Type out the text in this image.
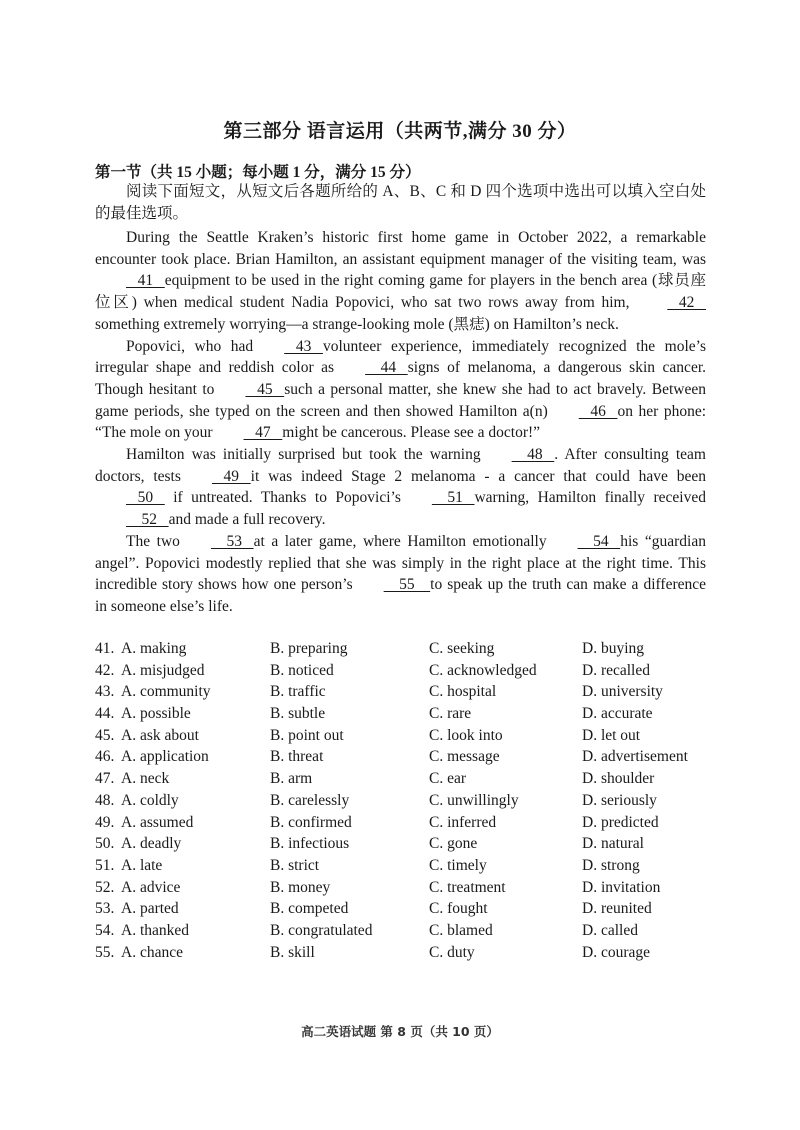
第三部分 语言运用（共两节,满分 30 分）
第一节（共 15 小题；每小题 1 分，满分 15 分）

阅读下面短文，从短文后各题所给的 A、B、C 和 D 四个选项中选出可以填入空白处的最佳选项。

During the Seattle Kraken’s historic first home game in October 2022, a remarkable encounter took place. Brian Hamilton, an assistant equipment manager of the visiting team, was   41   equipment to be used in the right coming game for players in the bench area (球员座位区) when medical student Nadia Popovici, who sat two rows away from him,    42   something extremely worrying—a strange-looking mole (黑痣) on Hamilton’s neck.

Popovici, who had   43   volunteer experience, immediately recognized the mole’s irregular shape and reddish color as    44   signs of melanoma, a dangerous skin cancer. Though hesitant to   45   such a personal matter, she knew she had to act bravely. Between game periods, she typed on the screen and then showed Hamilton a(n)   46   on her phone: “The mole on your   47   might be cancerous. Please see a doctor!”

Hamilton was initially surprised but took the warning    48   . After consulting team doctors, tests   49   it was indeed Stage 2 melanoma - a cancer that could have been   50    if untreated. Thanks to Popovici’s    51   warning, Hamilton finally received    52   and made a full recovery.

The two    53   at a later game, where Hamilton emotionally    54   his “guardian angel”. Popovici modestly replied that she was simply in the right place at the right time. This incredible story shows how one person’s    55    to speak up the truth can make a difference in someone else’s life.

41. A. making	B. preparing	C. seeking	D. buying
42. A. misjudged	B. noticed	C. acknowledged	D. recalled
43. A. community	B. traffic	C. hospital	D. university
44. A. possible	B. subtle	C. rare	D. accurate
45. A. ask about	B. point out	C. look into	D. let out
46. A. application	B. threat	C. message	D. advertisement
47. A. neck	B. arm	C. ear	D. shoulder
48. A. coldly	B. carelessly	C. unwillingly	D. seriously
49. A. assumed	B. confirmed	C. inferred	D. predicted
50. A. deadly	B. infectious	C. gone	D. natural
51. A. late	B. strict	C. timely	D. strong
52. A. advice	B. money	C. treatment	D. invitation
53. A. parted	B. competed	C. fought	D. reunited
54. A. thanked	B. congratulated	C. blamed	D. called
55. A. chance	B. skill	C. duty	D. courage
高二英语试题 第 8 页（共 10 页）
